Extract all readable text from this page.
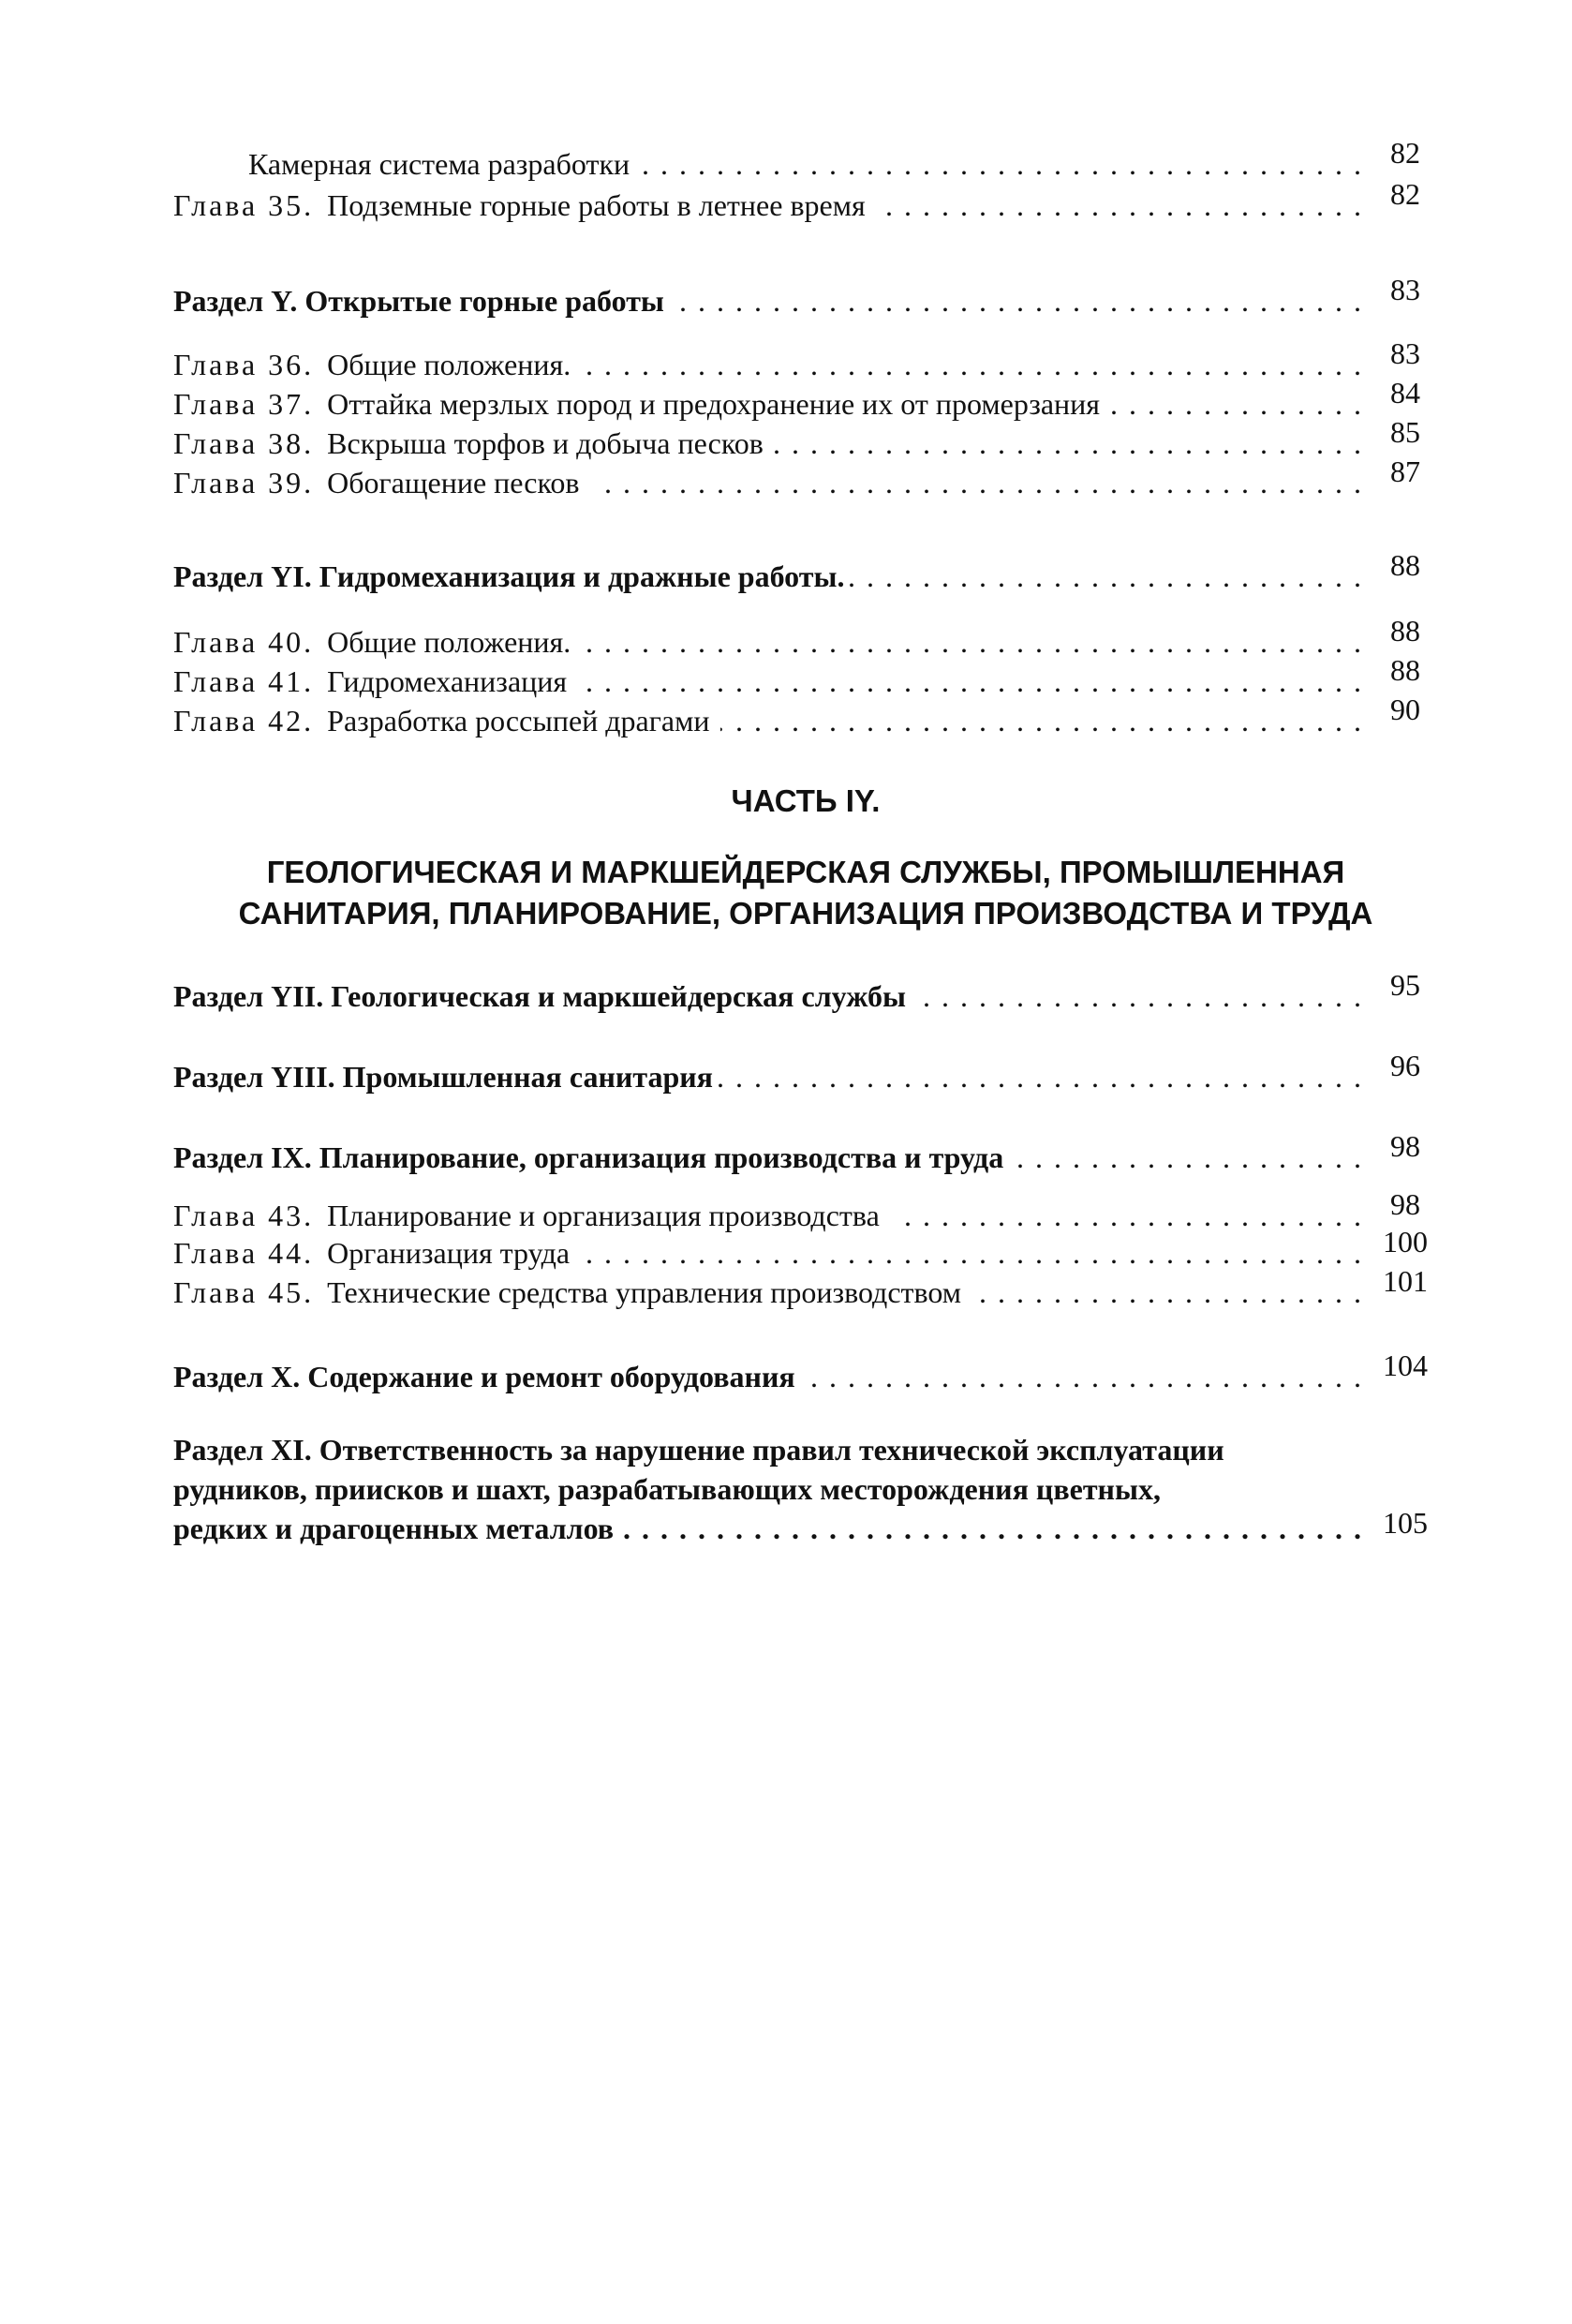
Камерная система разработки . . .	82
Глава 35. Подземные горные работы в летнее время . . .	82
Раздел Y. Открытые горные работы . . .	83
Глава 36. Общие положения. . . .	83
Глава 37. Оттайка мерзлых пород и предохранение их от промерзания . . .	84
Глава 38. Вскрыша торфов и добыча песков . . .	85
Глава 39. Обогащение песков . . .	87
Раздел YI. Гидромеханизация и дражные работы. . . .	88
Глава 40. Общие положения. . . .	88
Глава 41. Гидромеханизация . . .	88
Глава 42. Разработка россыпей драгами . . .	90
ЧАСТЬ IY.
ГЕОЛОГИЧЕСКАЯ И МАРКШЕЙДЕРСКАЯ СЛУЖБЫ, ПРОМЫШЛЕННАЯ
САНИТАРИЯ, ПЛАНИРОВАНИЕ, ОРГАНИЗАЦИЯ ПРОИЗВОДСТВА И ТРУДА
Раздел YII. Геологическая и маркшейдерская службы . . .	95
Раздел YIII. Промышленная санитария . . .	96
Раздел IX. Планирование, организация производства и труда . . .	98
Глава 43. Планирование и организация производства . . .	98
Глава 44. Организация труда . . .	100
Глава 45. Технические средства управления производством . . .	101
Раздел X. Содержание и ремонт оборудования . . .	104
Раздел XI. Ответственность за нарушение правил технической эксплуатации
рудников, приисков и шахт, разрабатывающих месторождения цветных,
редких и драгоценных металлов . . .	105
